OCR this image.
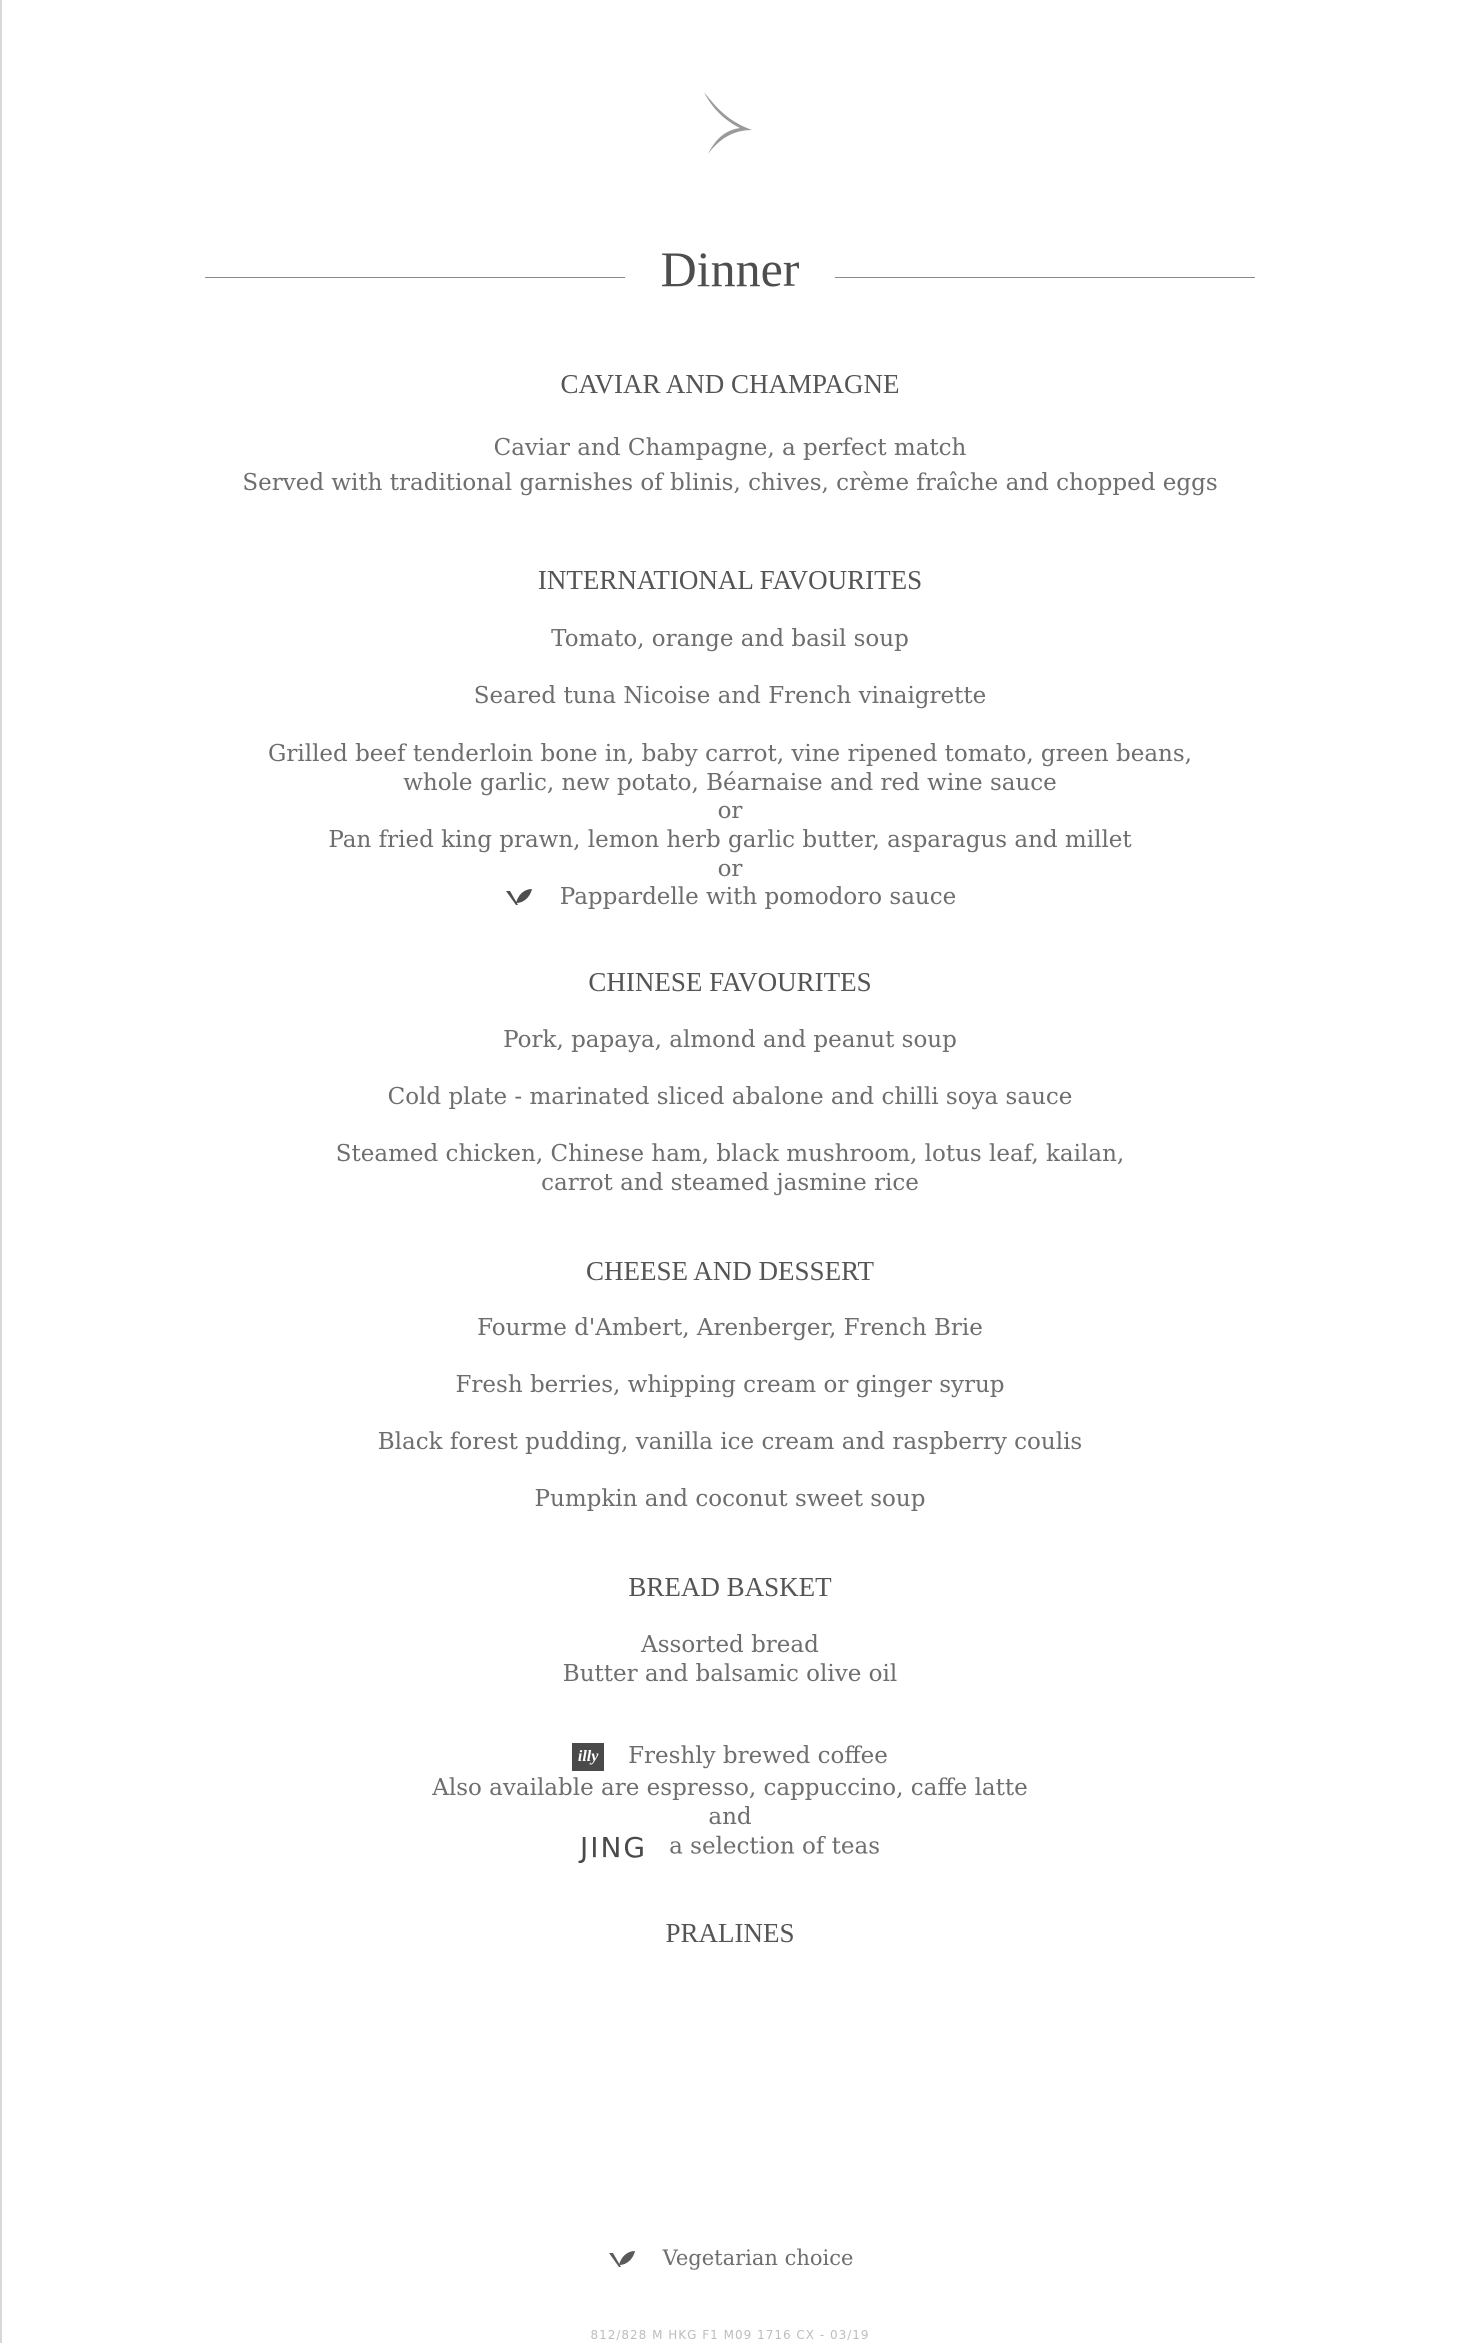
Dinner
CAVIAR AND CHAMPAGNE
Caviar and Champagne, a perfect match
Served with traditional garnishes of blinis, chives, crème fraîche and chopped eggs
INTERNATIONAL FAVOURITES
Tomato, orange and basil soup
Seared tuna Nicoise and French vinaigrette
Grilled beef tenderloin bone in, baby carrot, vine ripened tomato, green beans,
whole garlic, new potato, Béarnaise and red wine sauce
or
Pan fried king prawn, lemon herb garlic butter, asparagus and millet
or
Pappardelle with pomodoro sauce
CHINESE FAVOURITES
Pork, papaya, almond and peanut soup
Cold plate - marinated sliced abalone and chilli soya sauce
Steamed chicken, Chinese ham, black mushroom, lotus leaf, kailan,
carrot and steamed jasmine rice
CHEESE AND DESSERT
Fourme d'Ambert, Arenberger, French Brie
Fresh berries, whipping cream or ginger syrup
Black forest pudding, vanilla ice cream and raspberry coulis
Pumpkin and coconut sweet soup
BREAD BASKET
Assorted bread
Butter and balsamic olive oil
illy Freshly brewed coffee
Also available are espresso, cappuccino, caffe latte
and
JING a selection of teas
PRALINES
Vegetarian choice
812/828 M HKG F1 M09 1716 CX - 03/19
